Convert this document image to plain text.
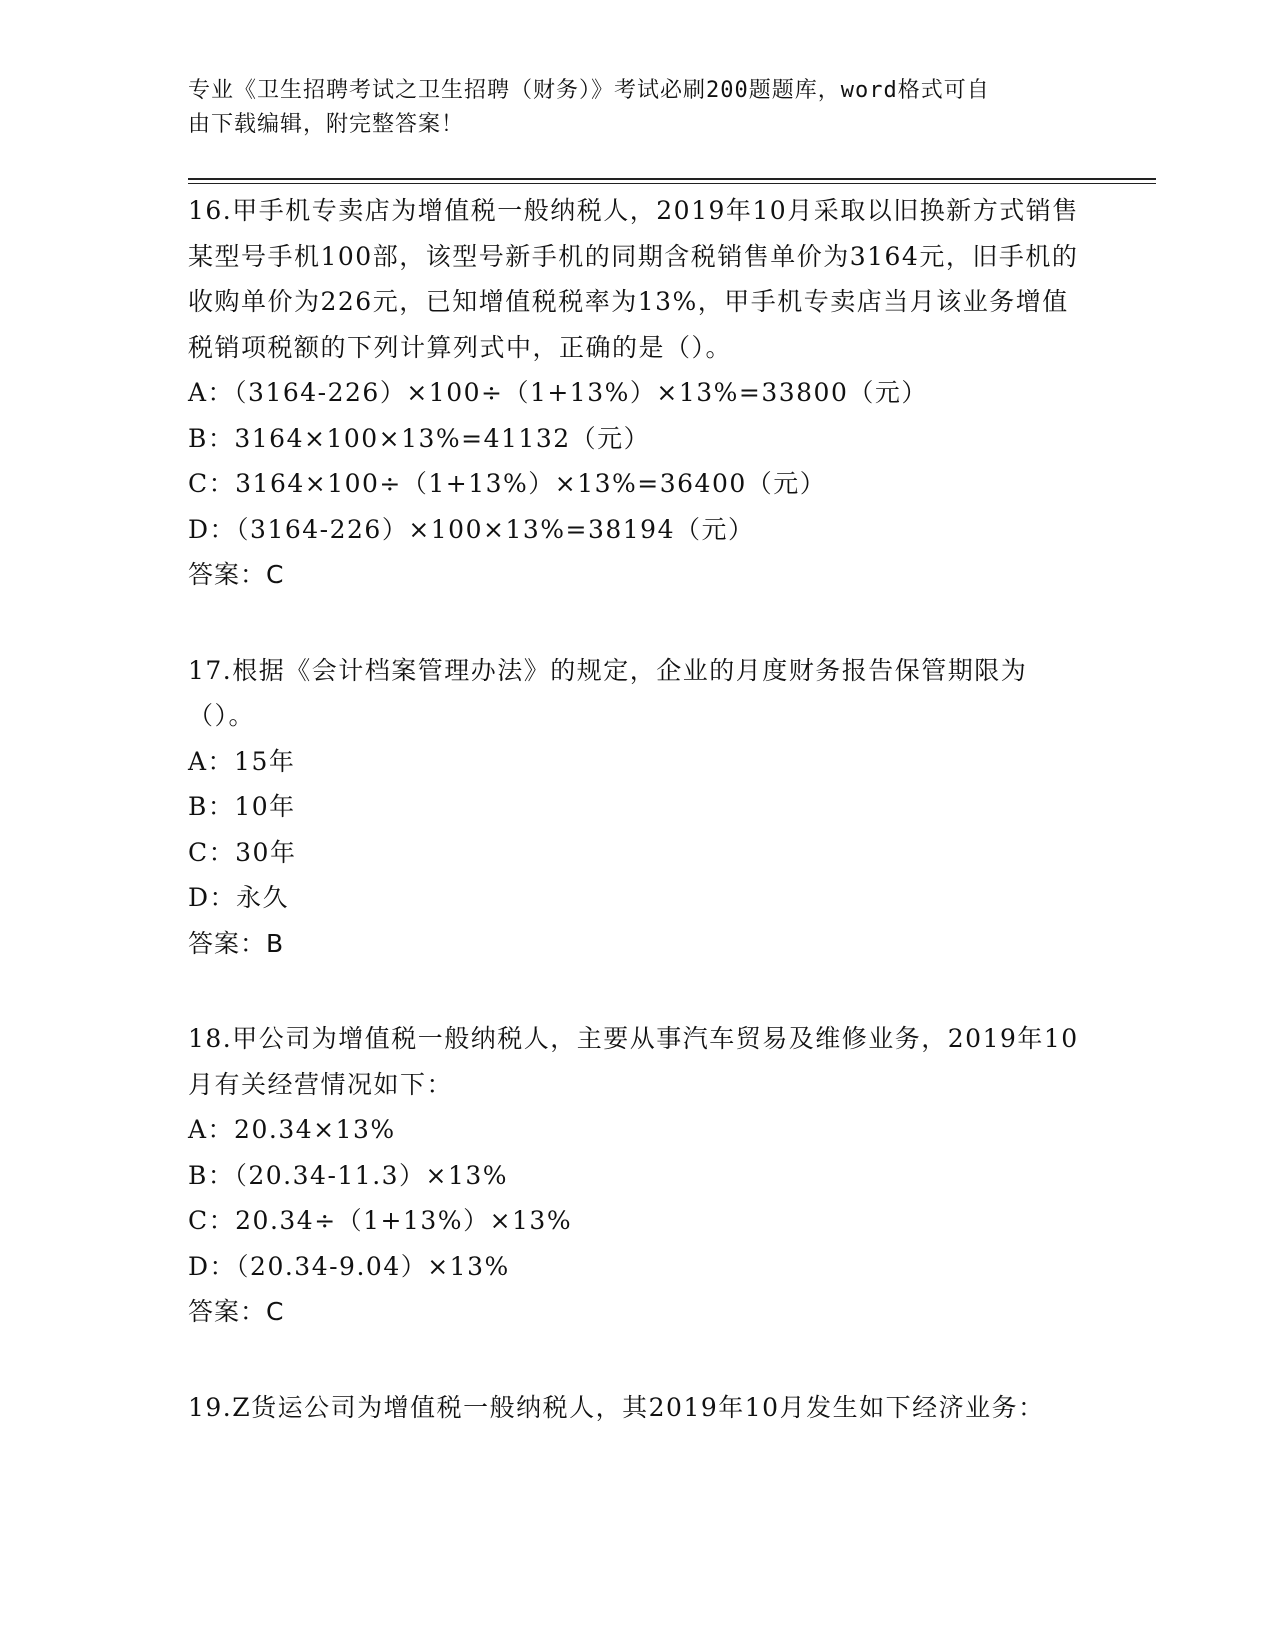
专业《卫生招聘考试之卫生招聘（财务）》考试必刷200题题库，word格式可自
由下载编辑，附完整答案！

16.甲手机专卖店为增值税一般纳税人，2019年10月采取以旧换新方式销售某型号手机100部，该型号新手机的同期含税销售单价为3164元，旧手机的收购单价为226元，已知增值税税率为13%，甲手机专卖店当月该业务增值税销项税额的下列计算列式中，正确的是（）。

A：（3164-226）×100÷（1+13%）×13%=33800（元）

B：3164×100×13%=41132（元）

C：3164×100÷（1+13%）×13%=36400（元）

D：（3164-226）×100×13%=38194（元）

答案：C

17.根据《会计档案管理办法》的规定，企业的月度财务报告保管期限为（）。

A：15年

B：10年

C：30年

D：永久

答案：B

18.甲公司为增值税一般纳税人，主要从事汽车贸易及维修业务，2019年10月有关经营情况如下：

A：20.34×13%

B：（20.34-11.3）×13%

C：20.34÷（1+13%）×13%

D：（20.34-9.04）×13%

答案：C

19.Z货运公司为增值税一般纳税人，其2019年10月发生如下经济业务：
